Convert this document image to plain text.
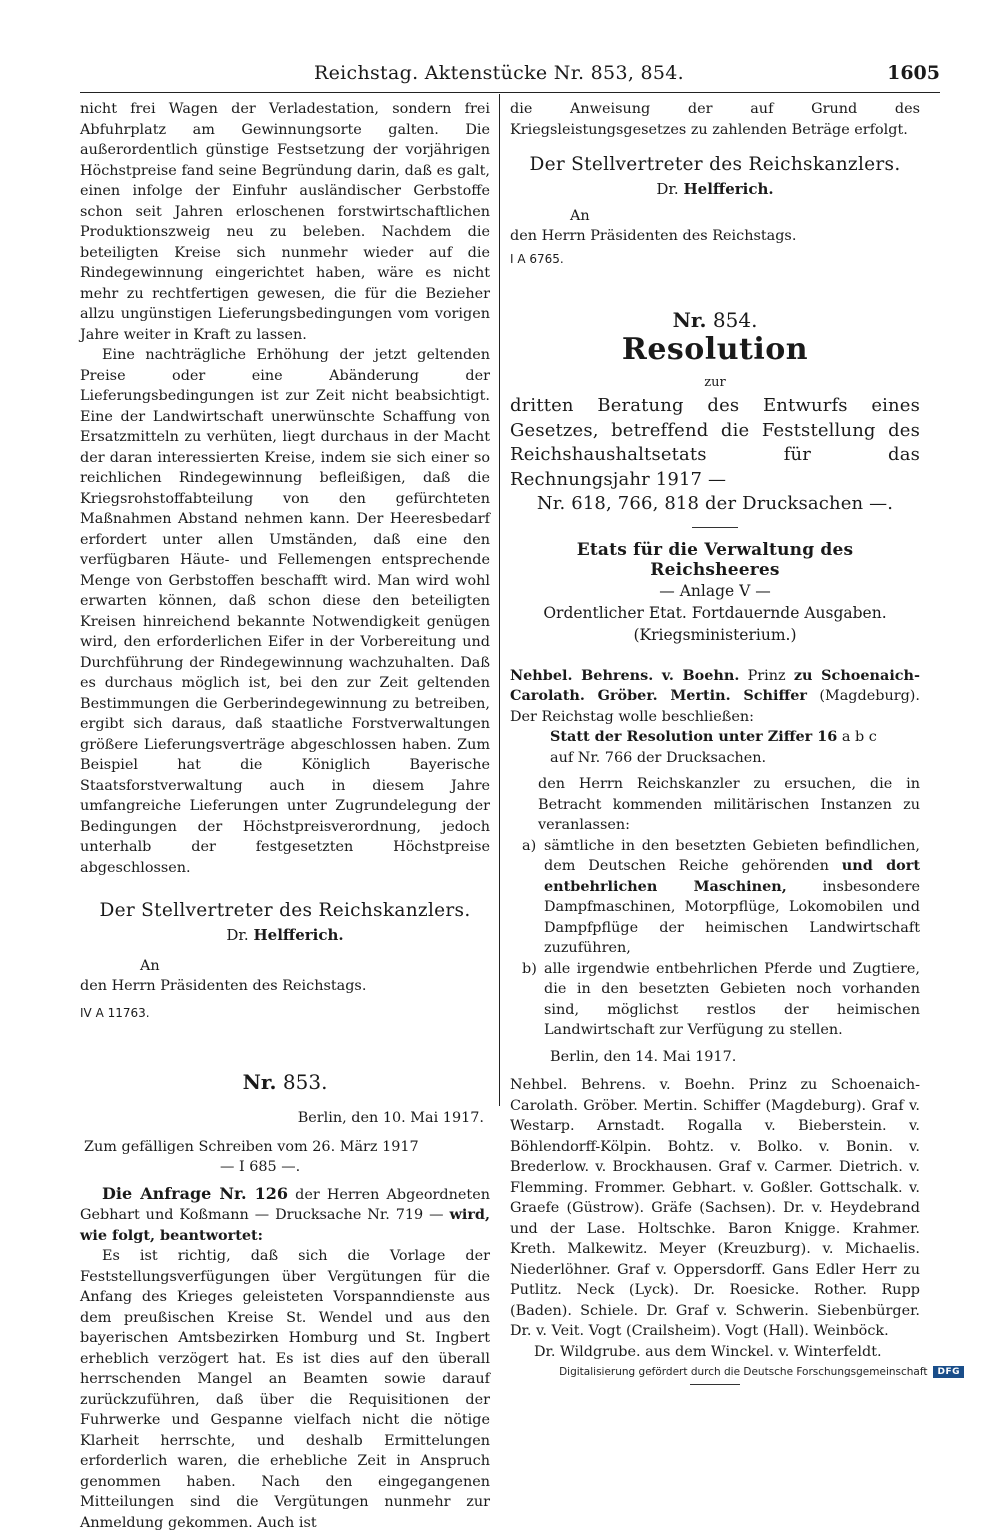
Reichstag. Aktenstücke Nr. 853, 854.	1605

nicht frei Wagen der Verladestation, sondern frei Abfuhrplatz am Gewinnungsorte galten. Die außerordentlich günstige Festsetzung der vorjährigen Höchstpreise fand seine Begründung darin, daß es galt, einen infolge der Einfuhr ausländischer Gerbstoffe schon seit Jahren erloschenen forstwirtschaftlichen Produktionszweig neu zu beleben. Nachdem die beteiligten Kreise sich nunmehr wieder auf die Rindegewinnung eingerichtet haben, wäre es nicht mehr zu rechtfertigen gewesen, die für die Bezieher allzu ungünstigen Lieferungsbedingungen vom vorigen Jahre weiter in Kraft zu lassen.

Eine nachträgliche Erhöhung der jetzt geltenden Preise oder eine Abänderung der Lieferungsbedingungen ist zur Zeit nicht beabsichtigt. Eine der Landwirtschaft unerwünschte Schaffung von Ersatzmitteln zu verhüten, liegt durchaus in der Macht der daran interessierten Kreise, indem sie sich einer so reichlichen Rindegewinnung befleißigen, daß die Kriegsrohstoffabteilung von den gefürchteten Maßnahmen Abstand nehmen kann. Der Heeresbedarf erfordert unter allen Umständen, daß eine den verfügbaren Häute- und Fellemengen entsprechende Menge von Gerbstoffen beschafft wird. Man wird wohl erwarten können, daß schon diese den beteiligten Kreisen hinreichend bekannte Notwendigkeit genügen wird, den erforderlichen Eifer in der Vorbereitung und Durchführung der Rindegewinnung wachzuhalten. Daß es durchaus möglich ist, bei den zur Zeit geltenden Bestimmungen die Gerberindegewinnung zu betreiben, ergibt sich daraus, daß staatliche Forstverwaltungen größere Lieferungsverträge abgeschlossen haben. Zum Beispiel hat die Königlich Bayerische Staatsforstverwaltung auch in diesem Jahre umfangreiche Lieferungen unter Zugrundelegung der Bedingungen der Höchstpreisverordnung, jedoch unterhalb der festgesetzten Höchstpreise abgeschlossen.

Der Stellvertreter des Reichskanzlers.

Dr. Helfferich.

An

den Herrn Präsidenten des Reichstags.

IV A 11763.

Nr. 853.

Berlin, den 10. Mai 1917.

Zum gefälligen Schreiben vom 26. März 1917

— I 685 —.

Die Anfrage Nr. 126 der Herren Abgeordneten Gebhart und Koßmann — Drucksache Nr. 719 — wird, wie folgt, beantwortet:

Es ist richtig, daß sich die Vorlage der Feststellungsverfügungen über Vergütungen für die Anfang des Krieges geleisteten Vorspanndienste aus dem preußischen Kreise St. Wendel und aus den bayerischen Amtsbezirken Homburg und St. Ingbert erheblich verzögert hat. Es ist dies auf den überall herrschenden Mangel an Beamten sowie darauf zurückzuführen, daß über die Requisitionen der Fuhrwerke und Gespanne vielfach nicht die nötige Klarheit herrschte, und deshalb Ermittelungen erforderlich waren, die erhebliche Zeit in Anspruch genommen haben. Nach den eingegangenen Mitteilungen sind die Vergütungen nunmehr zur Anmeldung gekommen. Auch ist

die Anweisung der auf Grund des Kriegsleistungsgesetzes zu zahlenden Beträge erfolgt.

Der Stellvertreter des Reichskanzlers.

Dr. Helfferich.

An

den Herrn Präsidenten des Reichstags.

I A 6765.

Nr. 854.

Resolution

zur

dritten Beratung des Entwurfs eines Gesetzes, betreffend die Feststellung des Reichshaushaltsetats für das Rechnungsjahr 1917 —

Nr. 618, 766, 818 der Drucksachen —.

Etats für die Verwaltung des Reichsheeres

— Anlage V —

Ordentlicher Etat. Fortdauernde Ausgaben.

(Kriegsministerium.)

Nehbel. Behrens. v. Boehn. Prinz zu Schoenaich-Carolath. Gröber. Mertin. Schiffer (Magdeburg). Der Reichstag wolle beschließen:

Statt der Resolution unter Ziffer 16 a b c

auf Nr. 766 der Drucksachen.

den Herrn Reichskanzler zu ersuchen, die in Betracht kommenden militärischen Instanzen zu veranlassen:

a) sämtliche in den besetzten Gebieten befindlichen, dem Deutschen Reiche gehörenden und dort entbehrlichen Maschinen, insbesondere Dampfmaschinen, Motorpflüge, Lokomobilen und Dampfpflüge der heimischen Landwirtschaft zuzuführen,
b) alle irgendwie entbehrlichen Pferde und Zugtiere, die in den besetzten Gebieten noch vorhanden sind, möglichst restlos der heimischen Landwirtschaft zur Verfügung zu stellen.

Berlin, den 14. Mai 1917.

Nehbel. Behrens. v. Boehn. Prinz zu Schoenaich-Carolath. Gröber. Mertin. Schiffer (Magdeburg). Graf v. Westarp. Arnstadt. Rogalla v. Bieberstein. v. Böhlendorff-Kölpin. Bohtz. v. Bolko. v. Bonin. v. Brederlow. v. Brockhausen. Graf v. Carmer. Dietrich. v. Flemming. Frommer. Gebhart. v. Goßler. Gottschalk. v. Graefe (Güstrow). Gräfe (Sachsen). Dr. v. Heydebrand und der Lase. Holtschke. Baron Knigge. Krahmer. Kreth. Malkewitz. Meyer (Kreuzburg). v. Michaelis. Niederlöhner. Graf v. Oppersdorff. Gans Edler Herr zu Putlitz. Neck (Lyck). Dr. Roesicke. Rother. Rupp (Baden). Schiele. Dr. Graf v. Schwerin. Siebenbürger. Dr. v. Veit. Vogt (Crailsheim). Vogt (Hall). Weinböck.

Dr. Wildgrube. aus dem Winckel. v. Winterfeldt.

Digitalisierung gefördert durch die Deutsche Forschungsgemeinschaft	DFG
